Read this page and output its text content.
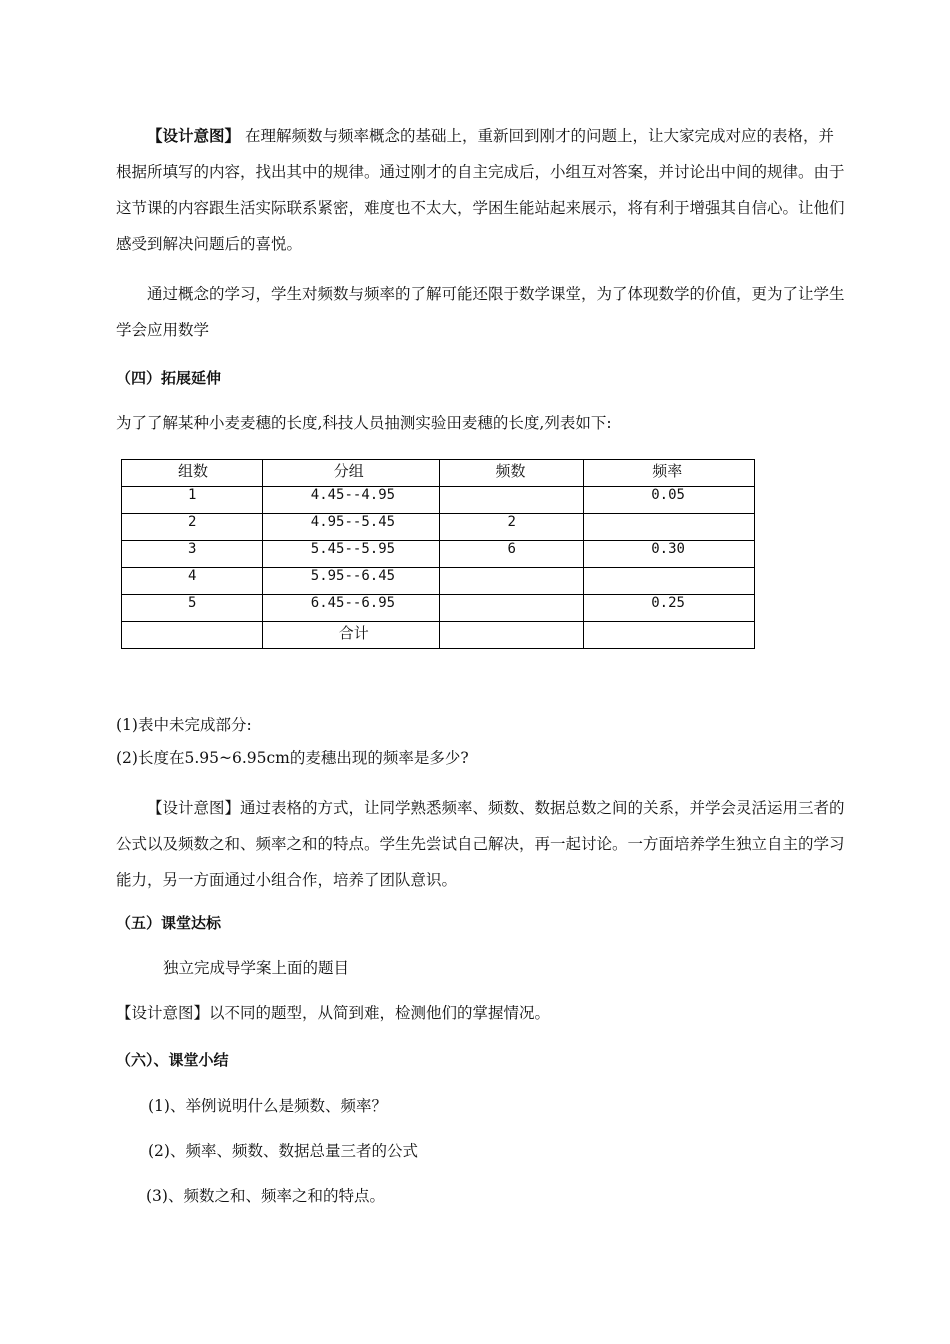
【设计意图】 在理解频数与频率概念的基础上，重新回到刚才的问题上，让大家完成对应的表格，并根据所填写的内容，找出其中的规律。通过刚才的自主完成后，小组互对答案，并讨论出中间的规律。由于这节课的内容跟生活实际联系紧密，难度也不太大，学困生能站起来展示，将有利于增强其自信心。让他们感受到解决问题后的喜悦。

通过概念的学习，学生对频数与频率的了解可能还限于数学课堂，为了体现数学的价值，更为了让学生学会应用数学

（四）拓展延伸
为了了解某种小麦麦穗的长度,科技人员抽测实验田麦穗的长度,列表如下:
组数	分组	频数	频率
1	4.45--4.95		0.05
2	4.95--5.45	2	
3	5.45--5.95	6	0.30
4	5.95--6.45		
5	6.45--6.95		0.25
	合计		
(1)表中未完成部分:
(2)长度在5.95~6.95cm的麦穗出现的频率是多少?

【设计意图】通过表格的方式，让同学熟悉频率、频数、数据总数之间的关系，并学会灵活运用三者的公式以及频数之和、频率之和的特点。学生先尝试自己解决，再一起讨论。一方面培养学生独立自主的学习能力，另一方面通过小组合作，培养了团队意识。

（五）课堂达标
独立完成导学案上面的题目
【设计意图】以不同的题型，从简到难，检测他们的掌握情况。
（六）、课堂小结
(1)、举例说明什么是频数、频率？
(2)、频率、频数、数据总量三者的公式
(3)、频数之和、频率之和的特点。
